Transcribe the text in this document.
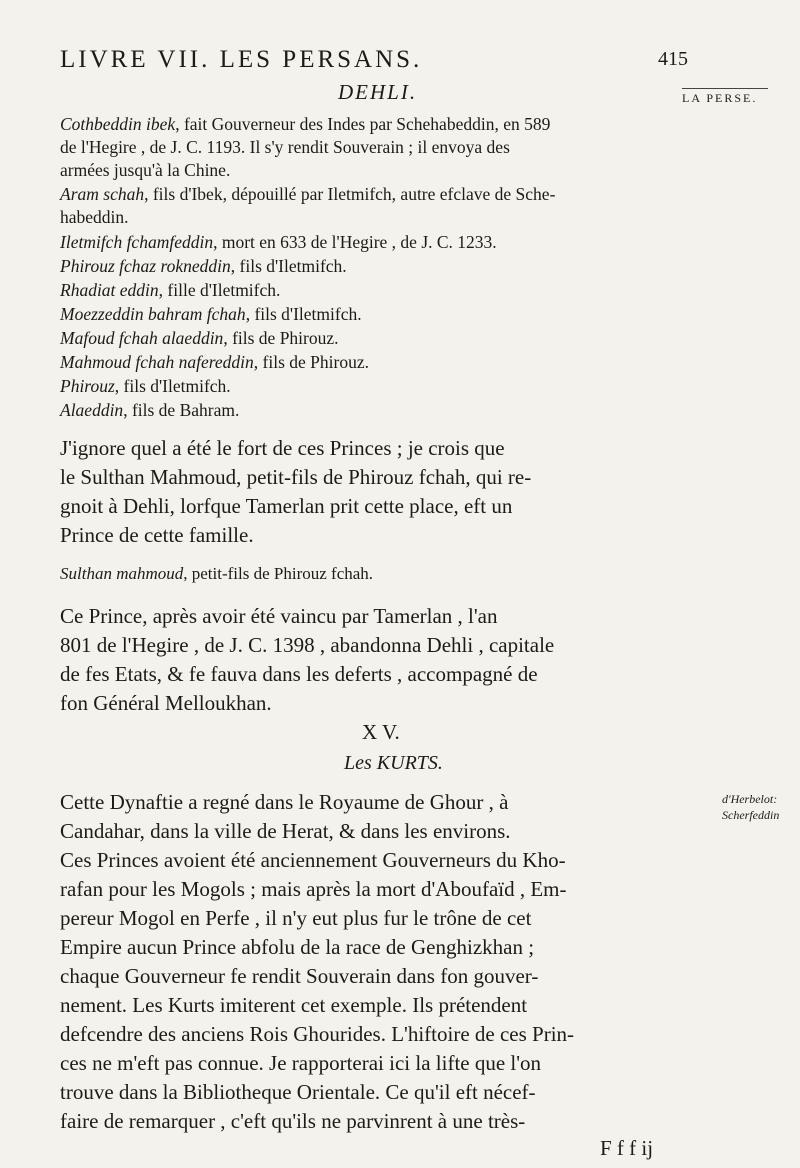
LIVRE VII. LES PERSANS.	415
DEHLI.	LA PERSE.
Cothbeddin ibek, fait Gouverneur des Indes par Schehabeddin, en 589
de l'Hegire , de J. C. 1193. Il s'y rendit Souverain ; il envoya des
armées jusqu'à la Chine.
Aram schah, fils d'Ibek, dépouillé par Iletmifch, autre efclave de Sche-
habeddin.
Iletmifch fchamfeddin, mort en 633 de l'Hegire , de J. C. 1233.
Phirouz fchaz rokneddin, fils d'Iletmifch.
Rhadiat eddin, fille d'Iletmifch.
Moezzeddin bahram fchah, fils d'Iletmifch.
Mafoud fchah alaeddin, fils de Phirouz.
Mahmoud fchah nafereddin, fils de Phirouz.
Phirouz, fils d'Iletmifch.
Alaeddin, fils de Bahram.
J'ignore quel a été le fort de ces Princes ; je crois que
le Sulthan Mahmoud, petit-fils de Phirouz fchah, qui re-
gnoit à Dehli, lorfque Tamerlan prit cette place, eft un
Prince de cette famille.
Sulthan mahmoud, petit-fils de Phirouz fchah.
Ce Prince, après avoir été vaincu par Tamerlan , l'an
801 de l'Hegire , de J. C. 1398 , abandonna Dehli , capitale
de fes Etats, & fe fauva dans les deferts , accompagné de
fon Général Melloukhan.
X V.
Les KURTS.
Cette Dynaftie a regné dans le Royaume de Ghour , à
Candahar, dans la ville de Herat, & dans les environs.
Ces Princes avoient été anciennement Gouverneurs du Kho-
rafan pour les Mogols ; mais après la mort d'Aboufaïd , Em-
pereur Mogol en Perfe , il n'y eut plus fur le trône de cet
Empire aucun Prince abfolu de la race de Genghizkhan ;
chaque Gouverneur fe rendit Souverain dans fon gouver-
nement. Les Kurts imiterent cet exemple. Ils prétendent
defcendre des anciens Rois Ghourides. L'hiftoire de ces Prin-
ces ne m'eft pas connue. Je rapporterai ici la lifte que l'on
trouve dans la Bibliotheque Orientale. Ce qu'il eft nécef-
faire de remarquer , c'eft qu'ils ne parvinrent à une très-
d'Herbelot:
Scherfeddin
F f f ij
